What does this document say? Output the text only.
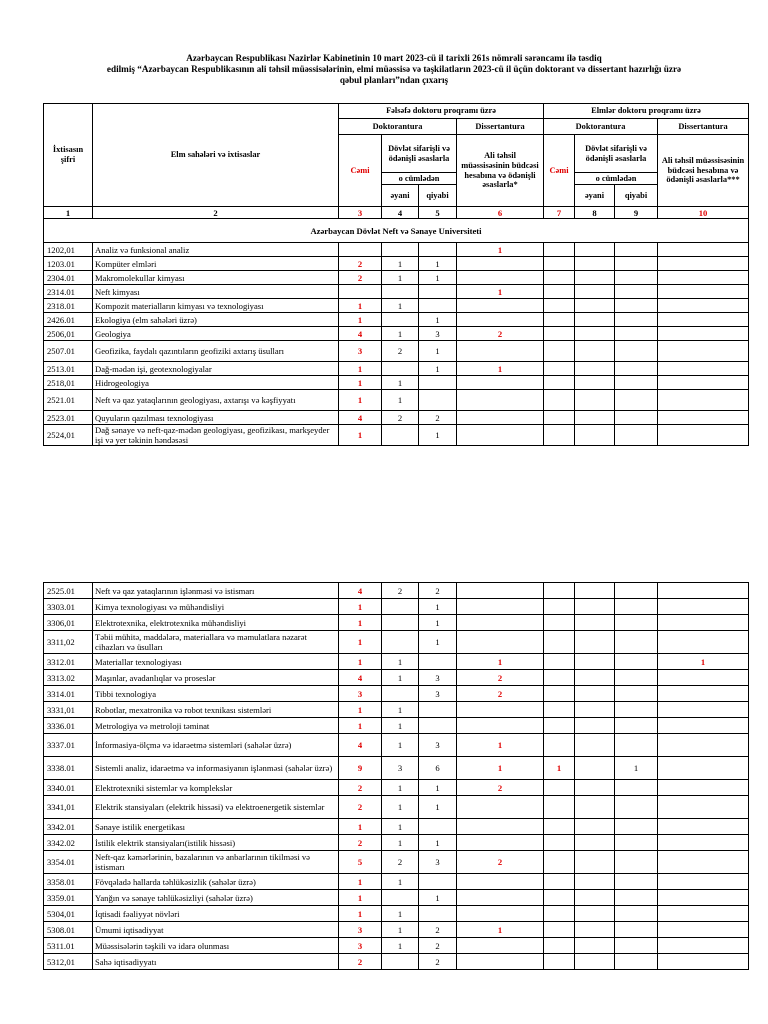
Azərbaycan Respublikası Nazirlər Kabinetinin 10 mart 2023-cü il tarixli 261s nömrəli sərəncamı ilə təsdiq
edilmiş “Azərbaycan Respublikasının ali təhsil müəssisələrinin, elmi müəssisə və təşkilatların 2023-cü il üçün doktorant və dissertant hazırlığı üzrə
qəbul planları”ndan çıxarış
İxtisasın şifri	Elm sahələri və ixtisaslar	Fəlsəfə doktoru proqramı üzrə				Elmlər doktoru proqramı üzrə			
		Doktorantura			Dissertantura	Doktorantura			Dissertantura
		Cəmi	Dövlət sifarişli və ödənişli əsaslarla		Ali təhsil müəssisəsinin büdcəsi hesabına və ödənişli əsaslarla*	Cəmi	Dövlət sifarişli və ödənişli əsaslarla		Ali təhsil müəssisəsinin büdcəsi hesabına və ödənişli əsaslarla***
			o cümlədən				o cümlədən		
			əyani	qiyabi			əyani	qiyabi	
1	2	3	4	5	6	7	8	9	10
Azərbaycan Dövlət Neft və Sənaye Universiteti									
1202,01	Analiz və funksional analiz				1				
1203.01	Kompüter elmləri	2	1	1					
2304.01	Makromolekullar kimyası	2	1	1					
2314.01	Neft kimyası				1				
2318.01	Kompozit materialların kimyası və texnologiyası	1	1						
2426.01	Ekologiya (elm sahələri üzrə)	1		1					
2506,01	Geologiya	4	1	3	2				
2507.01	Geofizika, faydalı qazıntıların geofiziki axtarış üsulları	3	2	1					
2513.01	Dağ-mədən işi, geotexnologiyalar	1		1	1				
2518,01	Hidrogeologiya	1	1						
2521.01	Neft və qaz yataqlarının geologiyası, axtarışı və kəşfiyyatı	1	1						
2523.01	Quyuların qazılması texnologiyası	4	2	2					
2524,01	Dağ sənaye və neft-qaz-mədən geologiyası, geofizikası, markşeyder işi və yer təkinin həndəsəsi	1		1					
2525.01	Neft və qaz yataqlarının işlənməsi və istismarı	4	2	2					
3303.01	Kimya texnologiyası və mühəndisliyi	1		1					
3306,01	Elektrotexnika, elektrotexnika mühəndisliyi	1		1					
3311,02	Təbii mühitə, maddələrə, materiallara və məmulatlara nəzarət cihazları və üsulları	1		1					
3312.01	Materiallar texnologiyası	1	1		1				1
3313.02	Maşınlar, avadanlıqlar və proseslər	4	1	3	2				
3314.01	Tibbi texnologiya	3		3	2				
3331,01	Robotlar, mexatronika və robot texnikası sistemləri	1	1						
3336.01	Metrologiya və metroloji təminat	1	1						
3337.01	İnformasiya-ölçmə və idarəetmə sistemləri (sahələr üzrə)	4	1	3	1				
3338.01	Sistemli analiz, idarəetmə və informasiyanın işlənməsi (sahələr üzrə)	9	3	6	1	1		1	
3340.01	Elektrotexniki sistemlər və komplekslər	2	1	1	2				
3341,01	Elektrik stansiyaları (elektrik hissəsi) və elektroenergetik sistemlər	2	1	1					
3342.01	Sənaye istilik energetikası	1	1						
3342.02	İstilik elektrik stansiyaları(istilik hissəsi)	2	1	1					
3354.01	Neft-qaz kəmərlərinin, bazalarının və anbarlarının tikilməsi və istismarı	5	2	3	2				
3358.01	Fövqəladə hallarda təhlükəsizlik (sahələr üzrə)	1	1						
3359.01	Yanğın və sənaye təhlükəsizliyi (sahələr üzrə)	1		1					
5304,01	İqtisadi fəaliyyət növləri	1	1						
5308.01	Ümumi iqtisadiyyat	3	1	2	1				
5311.01	Müəssisələrin təşkili və idarə olunması	3	1	2					
5312,01	Sahə iqtisadiyyatı	2		2					
